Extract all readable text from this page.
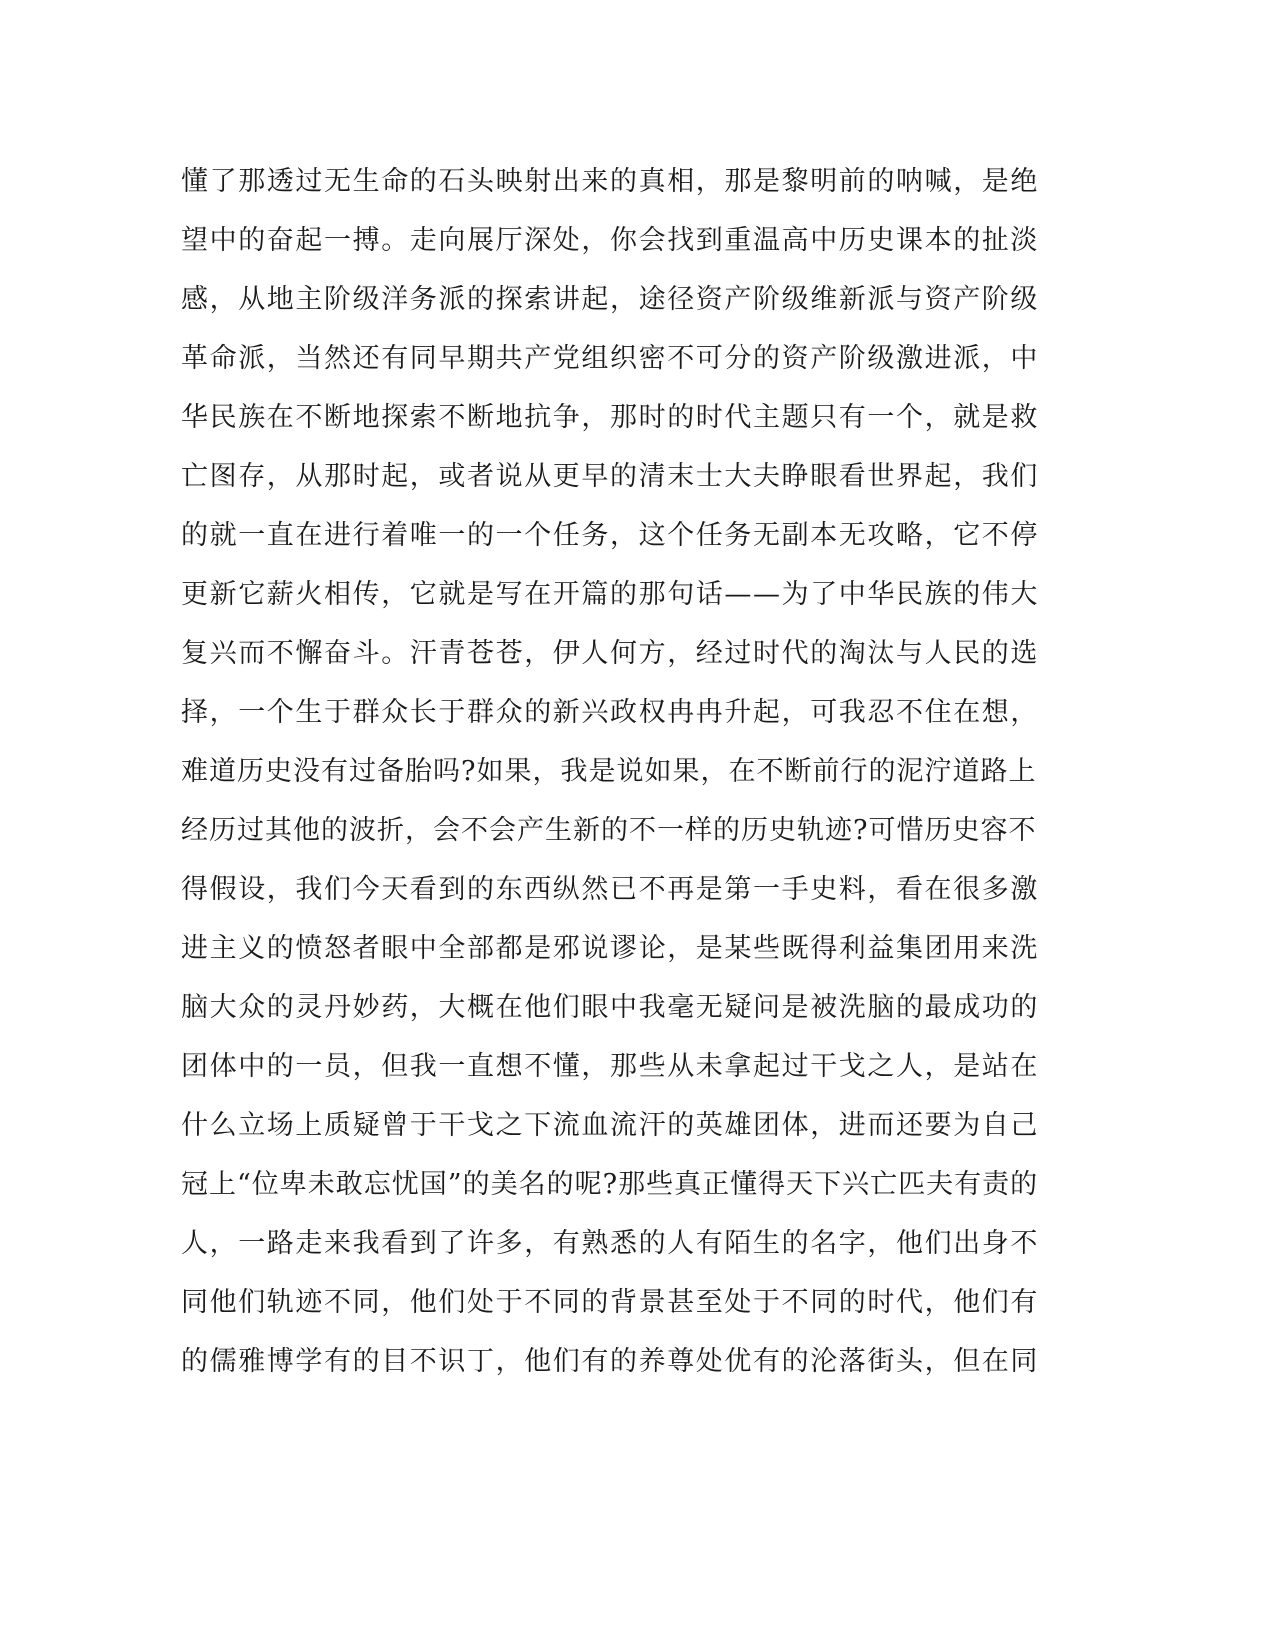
懂了那透过无生命的石头映射出来的真相，那是黎明前的呐喊，是绝
望中的奋起一搏。走向展厅深处，你会找到重温高中历史课本的扯淡
感，从地主阶级洋务派的探索讲起，途径资产阶级维新派与资产阶级
革命派，当然还有同早期共产党组织密不可分的资产阶级激进派，中
华民族在不断地探索不断地抗争，那时的时代主题只有一个，就是救
亡图存，从那时起，或者说从更早的清末士大夫睁眼看世界起，我们
的就一直在进行着唯一的一个任务，这个任务无副本无攻略，它不停
更新它薪火相传，它就是写在开篇的那句话——为了中华民族的伟大
复兴而不懈奋斗。汗青苍苍，伊人何方，经过时代的淘汰与人民的选
择，一个生于群众长于群众的新兴政权冉冉升起，可我忍不住在想，
难道历史没有过备胎吗?如果，我是说如果，在不断前行的泥泞道路上
经历过其他的波折，会不会产生新的不一样的历史轨迹?可惜历史容不
得假设，我们今天看到的东西纵然已不再是第一手史料，看在很多激
进主义的愤怒者眼中全部都是邪说谬论，是某些既得利益集团用来洗
脑大众的灵丹妙药，大概在他们眼中我毫无疑问是被洗脑的最成功的
团体中的一员，但我一直想不懂，那些从未拿起过干戈之人，是站在
什么立场上质疑曾于干戈之下流血流汗的英雄团体，进而还要为自己
冠上“位卑未敢忘忧国”的美名的呢?那些真正懂得天下兴亡匹夫有责的
人，一路走来我看到了许多，有熟悉的人有陌生的名字，他们出身不
同他们轨迹不同，他们处于不同的背景甚至处于不同的时代，他们有
的儒雅博学有的目不识丁，他们有的养尊处优有的沦落街头，但在同
